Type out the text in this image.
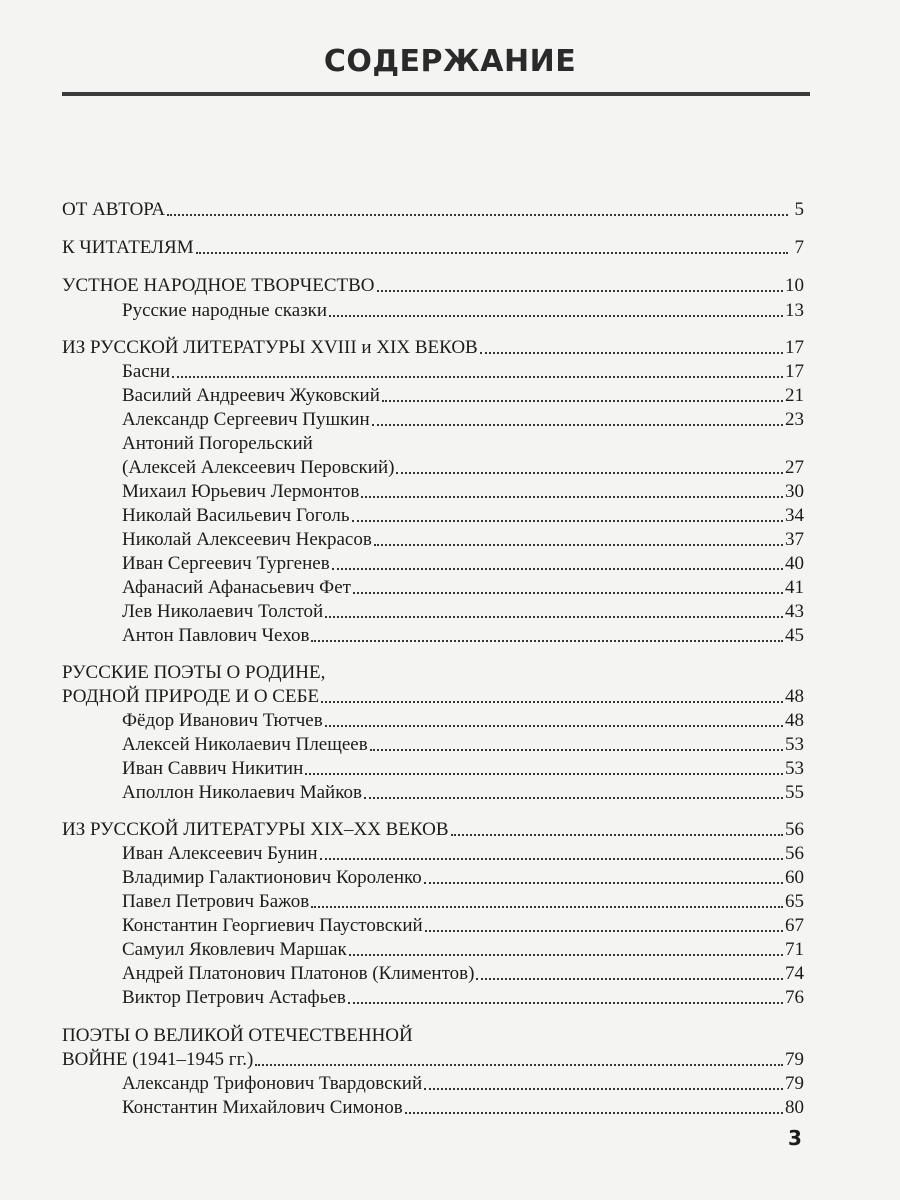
СОДЕРЖАНИЕ
ОТ АВТОРА	5
К ЧИТАТЕЛЯМ	7
УСТНОЕ НАРОДНОЕ ТВОРЧЕСТВО	10
Русские народные сказки	13
ИЗ РУССКОЙ ЛИТЕРАТУРЫ XVIII и XIX ВЕКОВ	17
Басни	17
Василий Андреевич Жуковский	21
Александр Сергеевич Пушкин	23
Антоний Погорельский
(Алексей Алексеевич Перовский)	27
Михаил Юрьевич Лермонтов	30
Николай Васильевич Гоголь	34
Николай Алексеевич Некрасов	37
Иван Сергеевич Тургенев	40
Афанасий Афанасьевич Фет	41
Лев Николаевич Толстой	43
Антон Павлович Чехов	45
РУССКИЕ ПОЭТЫ О РОДИНЕ,
РОДНОЙ ПРИРОДЕ И О СЕБЕ	48
Фёдор Иванович Тютчев	48
Алексей Николаевич Плещеев	53
Иван Саввич Никитин	53
Аполлон Николаевич Майков	55
ИЗ РУССКОЙ ЛИТЕРАТУРЫ XIX–XX ВЕКОВ	56
Иван Алексеевич Бунин	56
Владимир Галактионович Короленко	60
Павел Петрович Бажов	65
Константин Георгиевич Паустовский	67
Самуил Яковлевич Маршак	71
Андрей Платонович Платонов (Климентов)	74
Виктор Петрович Астафьев	76
ПОЭТЫ О ВЕЛИКОЙ ОТЕЧЕСТВЕННОЙ
ВОЙНЕ (1941–1945 гг.)	79
Александр Трифонович Твардовский	79
Константин Михайлович Симонов	80
3
